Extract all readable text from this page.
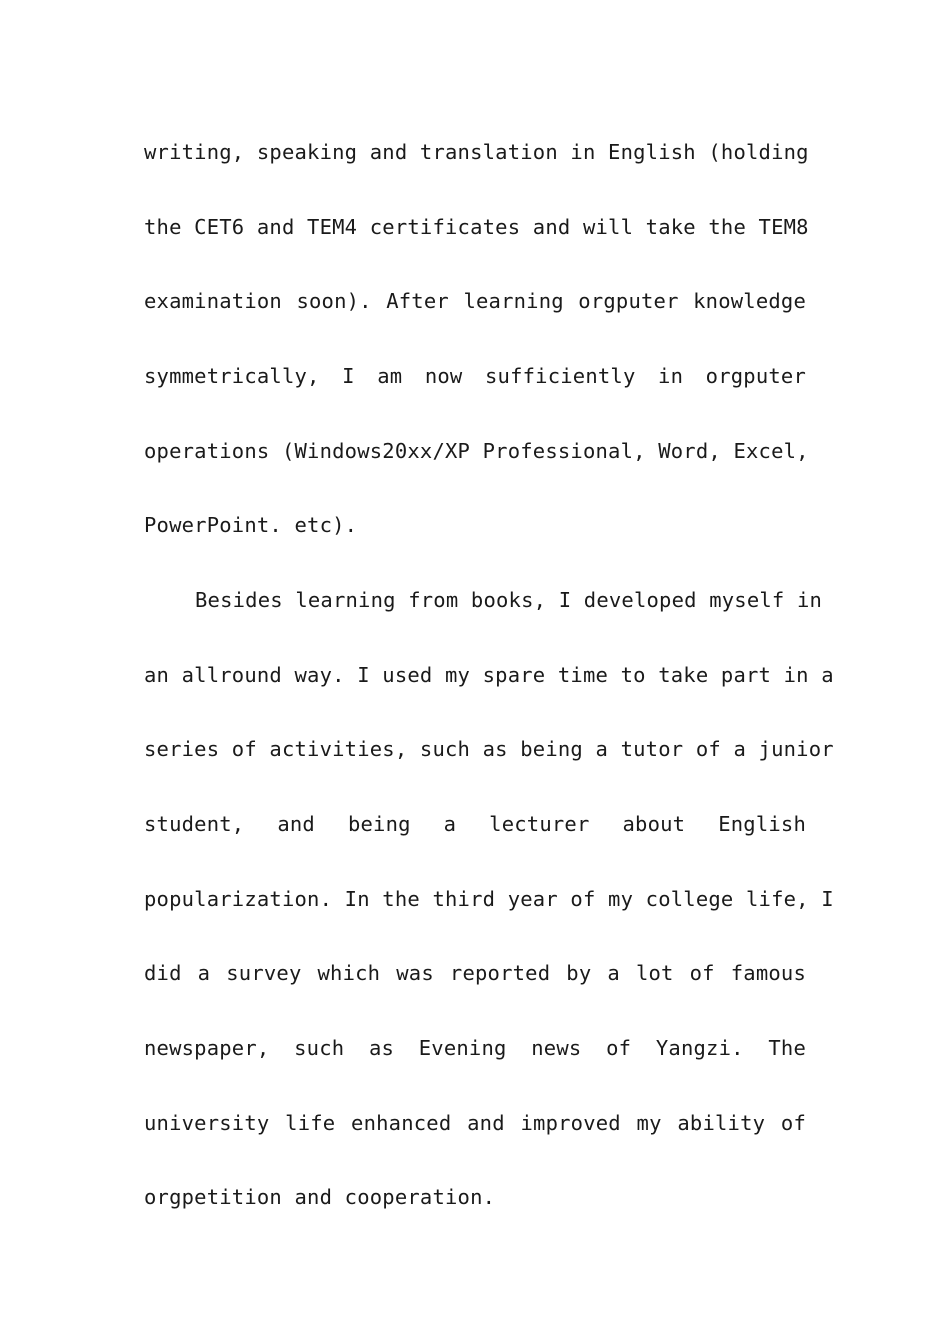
writing, speaking and translation in English (holding
the CET6 and TEM4 certificates and will take the TEM8
examination soon). After learning orgputer knowledge
symmetrically, I am now sufficiently in orgputer
operations (Windows20xx/XP Professional, Word, Excel,
PowerPoint. etc).
Besides learning from books, I developed myself in
an allround way. I used my spare time to take part in a
series of activities, such as being a tutor of a junior
student, and being a lecturer about English
popularization. In the third year of my college life, I
did a survey which was reported by a lot of famous
newspaper, such as Evening news of Yangzi. The
university life enhanced and improved my ability of
orgpetition and cooperation.
